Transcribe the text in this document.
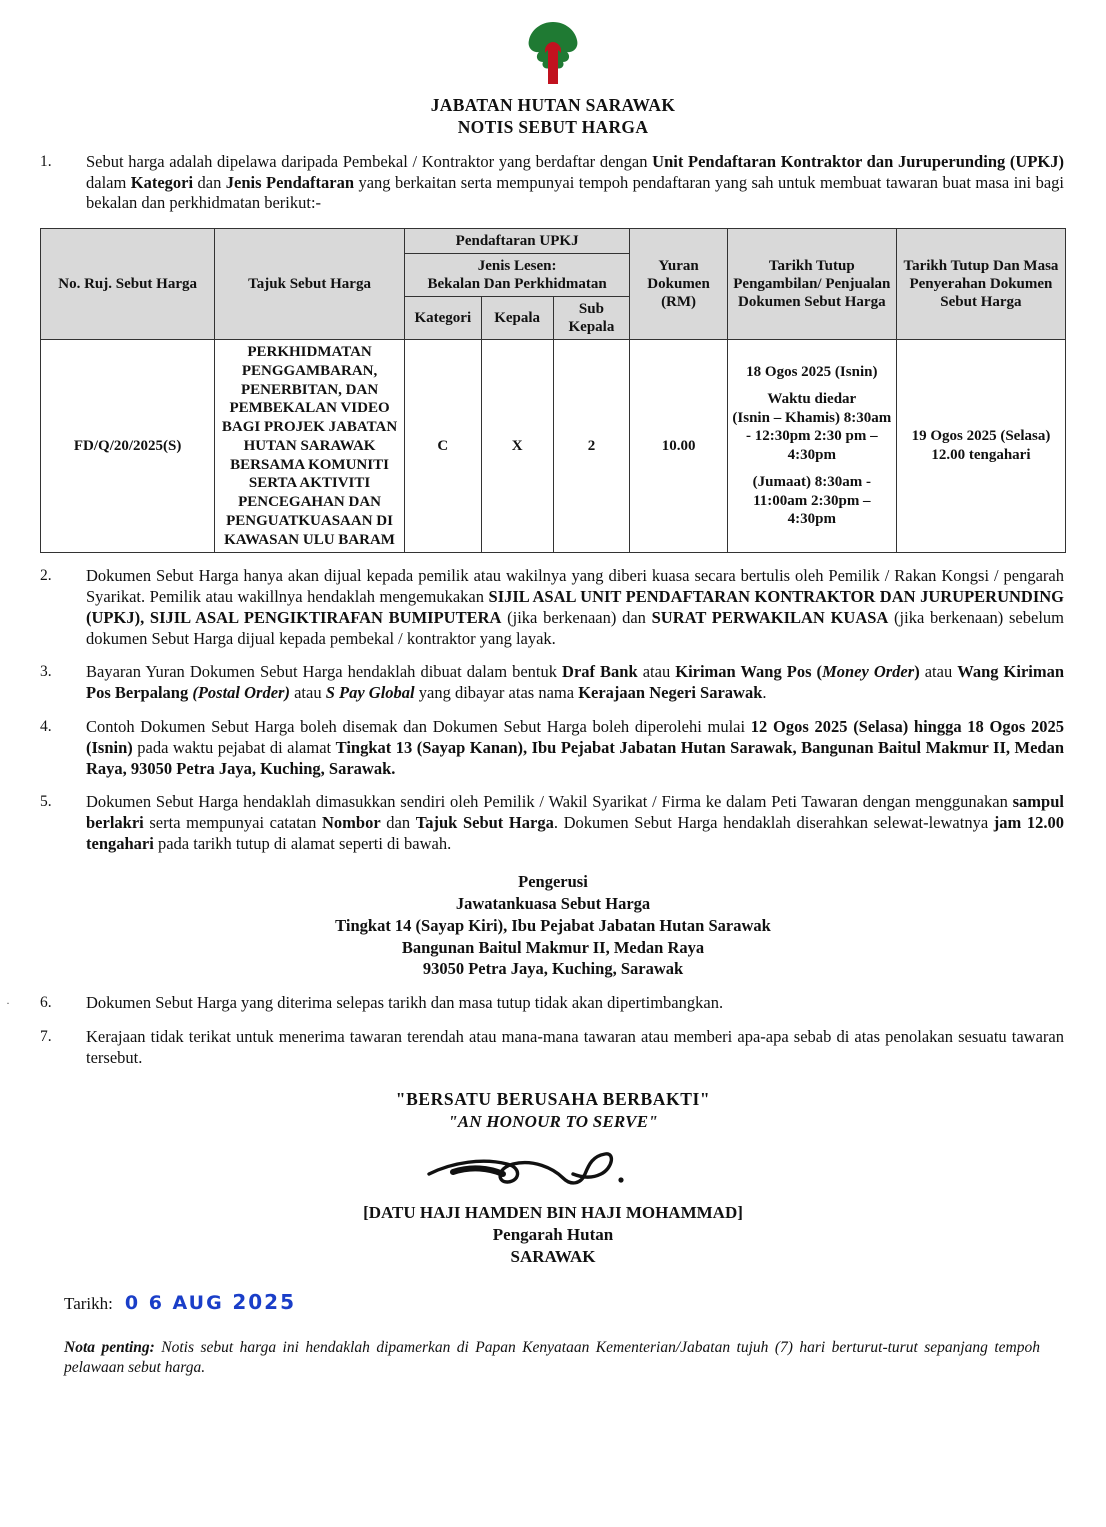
·
JABATAN HUTAN SARAWAK
NOTIS SEBUT HARGA
1.	Sebut harga adalah dipelawa daripada Pembekal / Kontraktor yang berdaftar dengan Unit Pendaftaran Kontraktor dan Juruperunding (UPKJ) dalam Kategori dan Jenis Pendaftaran yang berkaitan serta mempunyai tempoh pendaftaran yang sah untuk membuat tawaran buat masa ini bagi bekalan dan perkhidmatan berikut:-
No. Ruj. Sebut Harga	Tajuk Sebut Harga	Pendaftaran UPKJ			Yuran Dokumen (RM)	Tarikh Tutup Pengambilan/ Penjualan Dokumen Sebut Harga	Tarikh Tutup Dan Masa Penyerahan Dokumen Sebut Harga

		Jenis Lesen:
Bekalan Dan Perkhidmatan					

		Kategori	Kepala	Sub Kepala			
FD/Q/20/2025(S)	PERKHIDMATAN PENGGAMBARAN, PENERBITAN, DAN PEMBEKALAN VIDEO BAGI PROJEK JABATAN HUTAN SARAWAK BERSAMA KOMUNITI SERTA AKTIVITI PENCEGAHAN DAN PENGUATKUASAAN DI KAWASAN ULU BARAM	C	X	2	10.00	18 Ogos 2025 (Isnin)
Waktu diedar
(Isnin – Khamis) 8:30am - 12:30pm 2:30 pm – 4:30pm
(Jumaat) 8:30am - 11:00am 2:30pm – 4:30pm	19 Ogos 2025 (Selasa) 12.00 tengahari
2.	Dokumen Sebut Harga hanya akan dijual kepada pemilik atau wakilnya yang diberi kuasa secara bertulis oleh Pemilik / Rakan Kongsi / pengarah Syarikat. Pemilik atau wakillnya hendaklah mengemukakan SIJIL ASAL UNIT PENDAFTARAN KONTRAKTOR DAN JURUPERUNDING (UPKJ), SIJIL ASAL PENGIKTIRAFAN BUMIPUTERA (jika berkenaan) dan SURAT PERWAKILAN KUASA (jika berkenaan) sebelum dokumen Sebut Harga dijual kepada pembekal / kontraktor yang layak.
3.	Bayaran Yuran Dokumen Sebut Harga hendaklah dibuat dalam bentuk Draf Bank atau Kiriman Wang Pos (Money Order) atau Wang Kiriman Pos Berpalang (Postal Order) atau S Pay Global yang dibayar atas nama Kerajaan Negeri Sarawak.
4.	Contoh Dokumen Sebut Harga boleh disemak dan Dokumen Sebut Harga boleh diperolehi mulai 12 Ogos 2025 (Selasa) hingga 18 Ogos 2025 (Isnin) pada waktu pejabat di alamat Tingkat 13 (Sayap Kanan), Ibu Pejabat Jabatan Hutan Sarawak, Bangunan Baitul Makmur II, Medan Raya, 93050 Petra Jaya, Kuching, Sarawak.
5.	Dokumen Sebut Harga hendaklah dimasukkan sendiri oleh Pemilik / Wakil Syarikat / Firma ke dalam Peti Tawaran dengan menggunakan sampul berlakri serta mempunyai catatan Nombor dan Tajuk Sebut Harga. Dokumen Sebut Harga hendaklah diserahkan selewat-lewatnya jam 12.00 tengahari pada tarikh tutup di alamat seperti di bawah.
Pengerusi
Jawatankuasa Sebut Harga
Tingkat 14 (Sayap Kiri), Ibu Pejabat Jabatan Hutan Sarawak
Bangunan Baitul Makmur II, Medan Raya
93050 Petra Jaya, Kuching, Sarawak
6.	Dokumen Sebut Harga yang diterima selepas tarikh dan masa tutup tidak akan dipertimbangkan.
7.	Kerajaan tidak terikat untuk menerima tawaran terendah atau mana-mana tawaran atau memberi apa-apa sebab di atas penolakan sesuatu tawaran tersebut.
"BERSATU BERUSAHA BERBAKTI"
"AN HONOUR TO SERVE"
[DATU HAJI HAMDEN BIN HAJI MOHAMMAD]
Pengarah Hutan
SARAWAK
Tarikh: 0 6 AUG 2025
Nota penting: Notis sebut harga ini hendaklah dipamerkan di Papan Kenyataan Kementerian/Jabatan tujuh (7) hari berturut-turut sepanjang tempoh pelawaan sebut harga.
